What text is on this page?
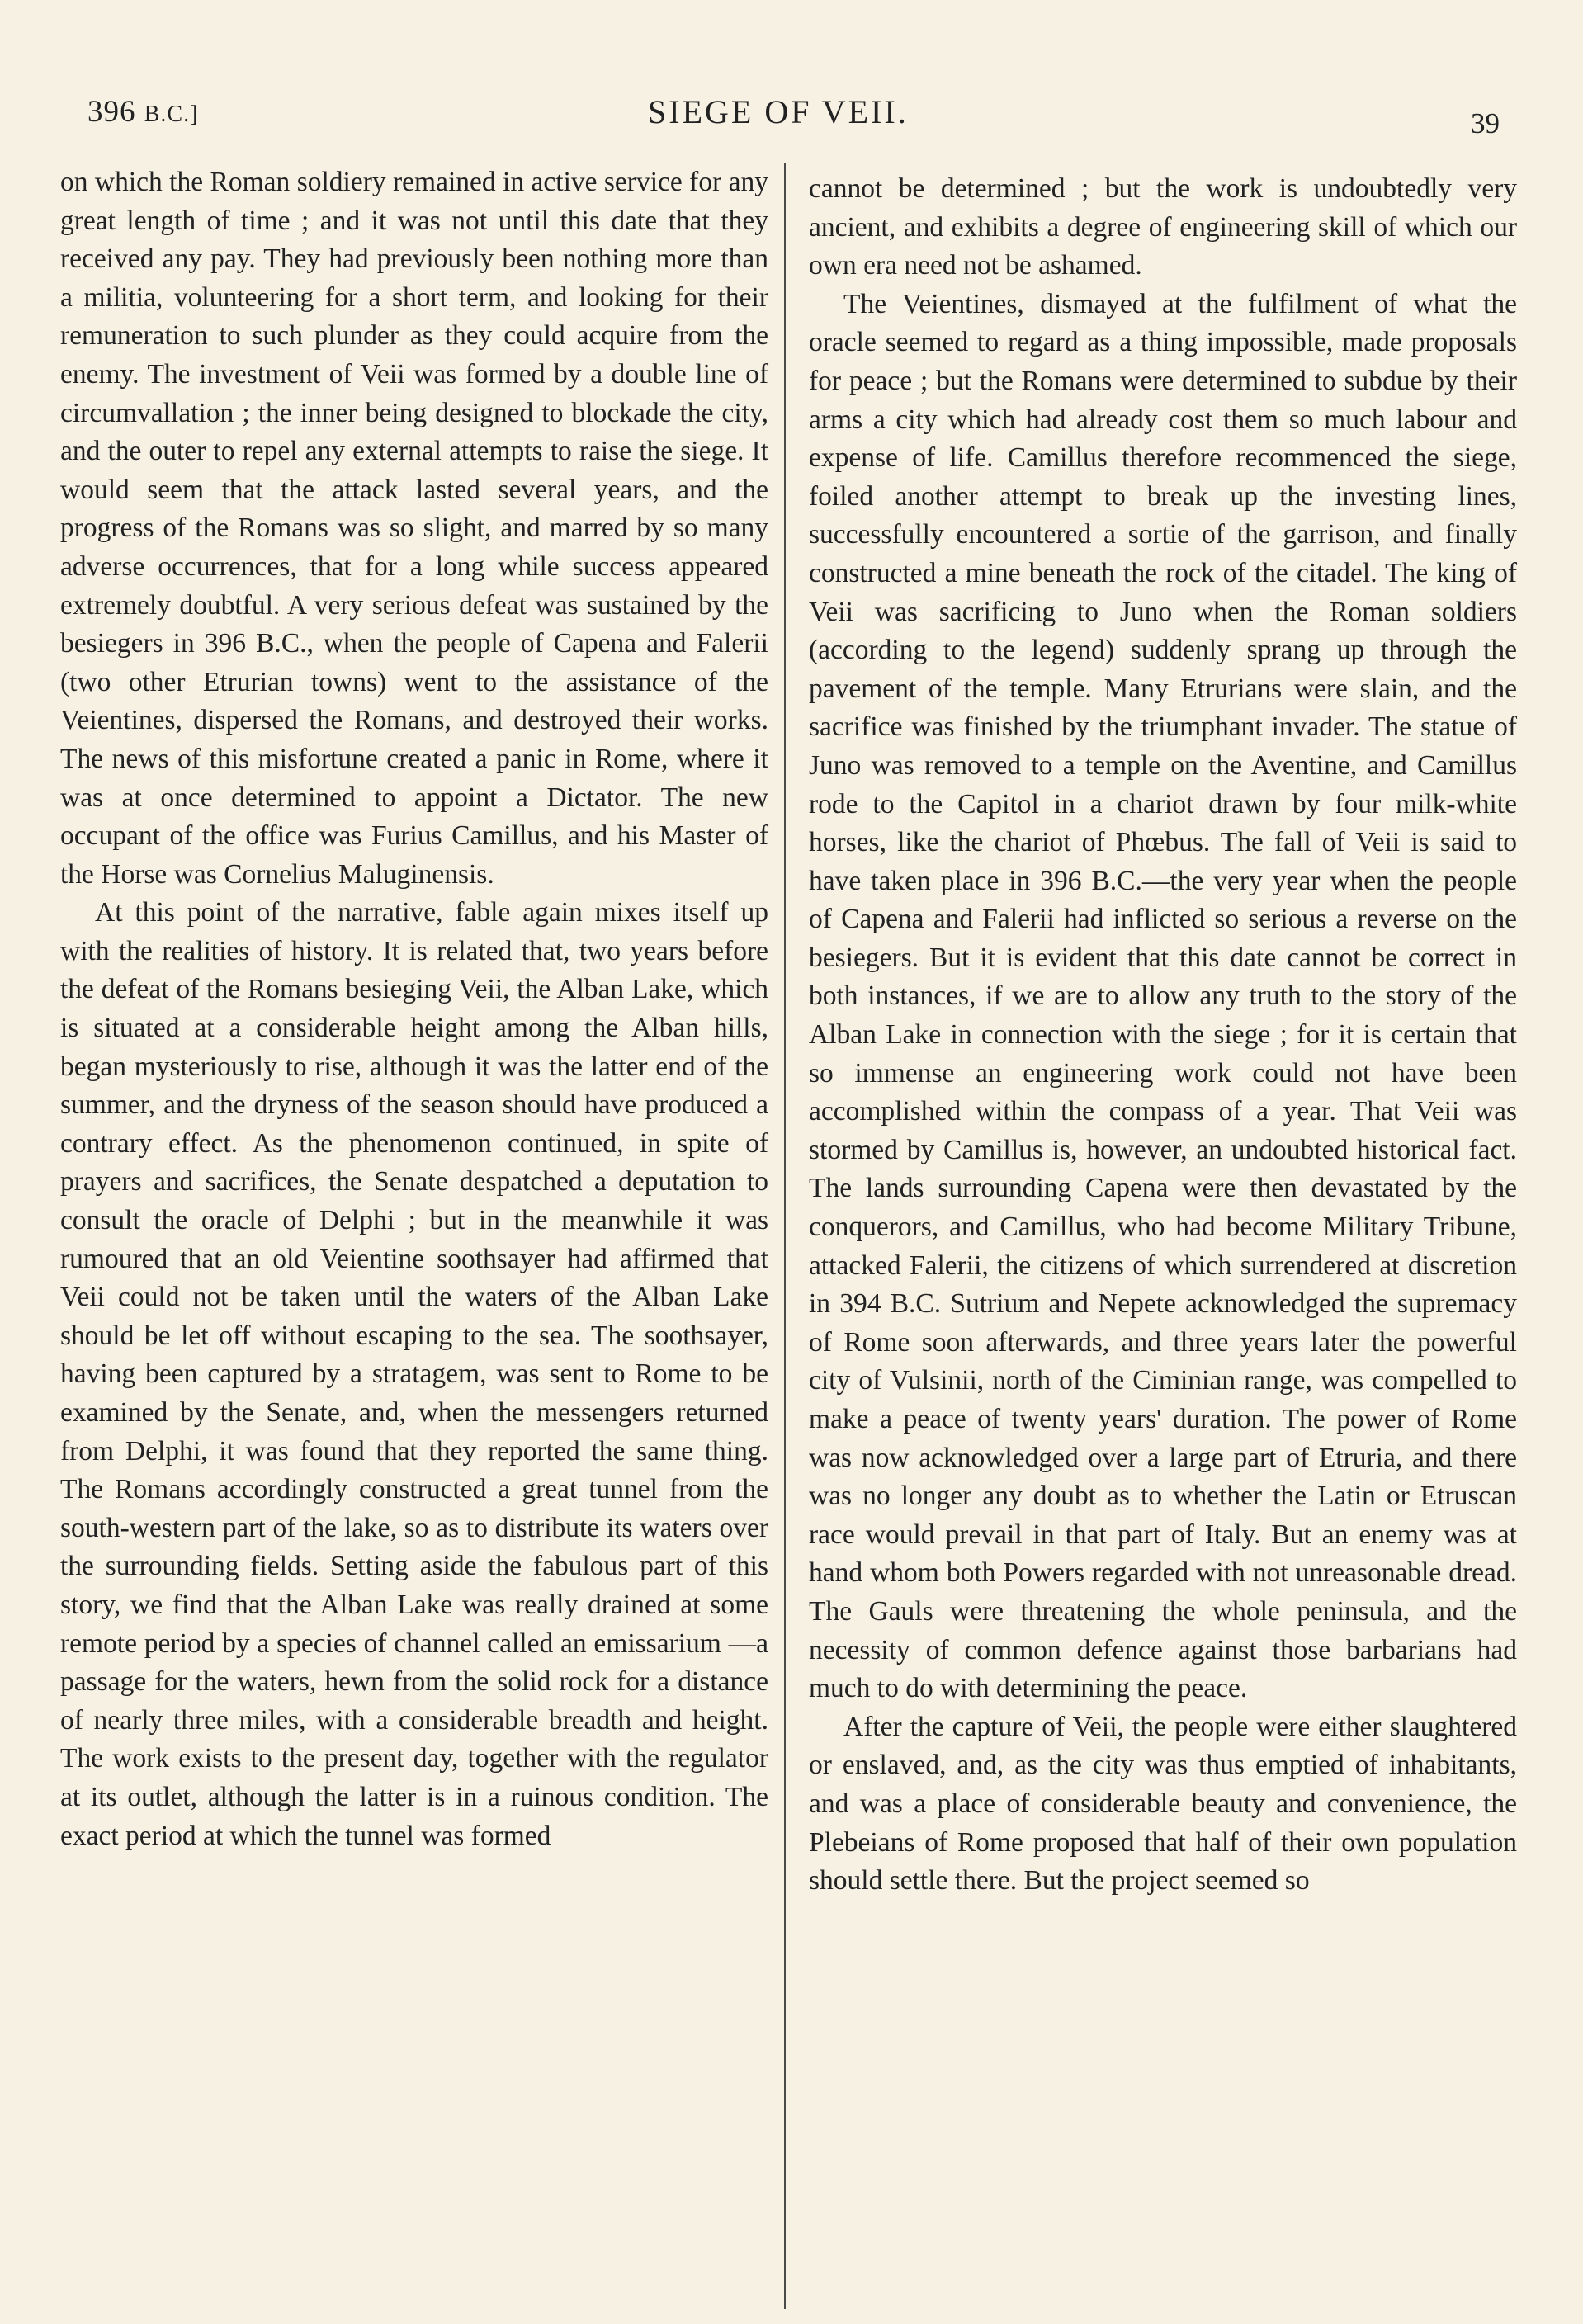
396 B.C.]	SIEGE OF VEII.	39

on which the Roman soldiery remained in active service for any great length of time ; and it was not until this date that they received any pay. They had previously been nothing more than a militia, volunteering for a short term, and looking for their remuneration to such plunder as they could acquire from the enemy. The investment of Veii was formed by a double line of circumvallation ; the inner being designed to blockade the city, and the outer to repel any external attempts to raise the siege. It would seem that the attack lasted several years, and the progress of the Romans was so slight, and marred by so many adverse occurrences, that for a long while success appeared extremely doubtful. A very serious defeat was sustained by the besiegers in 396 B.C., when the people of Capena and Falerii (two other Etrurian towns) went to the assistance of the Veientines, dispersed the Romans, and destroyed their works. The news of this misfortune created a panic in Rome, where it was at once determined to appoint a Dictator. The new occupant of the office was Furius Camillus, and his Master of the Horse was Cornelius Maluginensis.

At this point of the narrative, fable again mixes itself up with the realities of history. It is related that, two years before the defeat of the Romans besieging Veii, the Alban Lake, which is situated at a considerable height among the Alban hills, began mysteriously to rise, although it was the latter end of the summer, and the dryness of the season should have produced a contrary effect. As the phenomenon continued, in spite of prayers and sacrifices, the Senate despatched a deputation to consult the oracle of Delphi ; but in the meanwhile it was rumoured that an old Veientine soothsayer had affirmed that Veii could not be taken until the waters of the Alban Lake should be let off without escaping to the sea. The soothsayer, having been captured by a stratagem, was sent to Rome to be examined by the Senate, and, when the messengers returned from Delphi, it was found that they reported the same thing. The Romans accordingly constructed a great tunnel from the south-western part of the lake, so as to distribute its waters over the surrounding fields. Setting aside the fabulous part of this story, we find that the Alban Lake was really drained at some remote period by a species of channel called an emissarium —a passage for the waters, hewn from the solid rock for a distance of nearly three miles, with a considerable breadth and height. The work exists to the present day, together with the regulator at its outlet, although the latter is in a ruinous condition. The exact period at which the tunnel was formed

cannot be determined ; but the work is undoubtedly very ancient, and exhibits a degree of engineering skill of which our own era need not be ashamed.

The Veientines, dismayed at the fulfilment of what the oracle seemed to regard as a thing impossible, made proposals for peace ; but the Romans were determined to subdue by their arms a city which had already cost them so much labour and expense of life. Camillus therefore recommenced the siege, foiled another attempt to break up the investing lines, successfully encountered a sortie of the garrison, and finally constructed a mine beneath the rock of the citadel. The king of Veii was sacrificing to Juno when the Roman soldiers (according to the legend) suddenly sprang up through the pavement of the temple. Many Etrurians were slain, and the sacrifice was finished by the triumphant invader. The statue of Juno was removed to a temple on the Aventine, and Camillus rode to the Capitol in a chariot drawn by four milk-white horses, like the chariot of Phœbus. The fall of Veii is said to have taken place in 396 B.C.—the very year when the people of Capena and Falerii had inflicted so serious a reverse on the besiegers. But it is evident that this date cannot be correct in both instances, if we are to allow any truth to the story of the Alban Lake in connection with the siege ; for it is certain that so immense an engineering work could not have been accomplished within the compass of a year. That Veii was stormed by Camillus is, however, an undoubted historical fact. The lands surrounding Capena were then devastated by the conquerors, and Camillus, who had become Military Tribune, attacked Falerii, the citizens of which surrendered at discretion in 394 B.C. Sutrium and Nepete acknowledged the supremacy of Rome soon afterwards, and three years later the powerful city of Vulsinii, north of the Ciminian range, was compelled to make a peace of twenty years' duration. The power of Rome was now acknowledged over a large part of Etruria, and there was no longer any doubt as to whether the Latin or Etruscan race would prevail in that part of Italy. But an enemy was at hand whom both Powers regarded with not unreasonable dread. The Gauls were threatening the whole peninsula, and the necessity of common defence against those barbarians had much to do with determining the peace.

After the capture of Veii, the people were either slaughtered or enslaved, and, as the city was thus emptied of inhabitants, and was a place of considerable beauty and convenience, the Plebeians of Rome proposed that half of their own population should settle there. But the project seemed so
